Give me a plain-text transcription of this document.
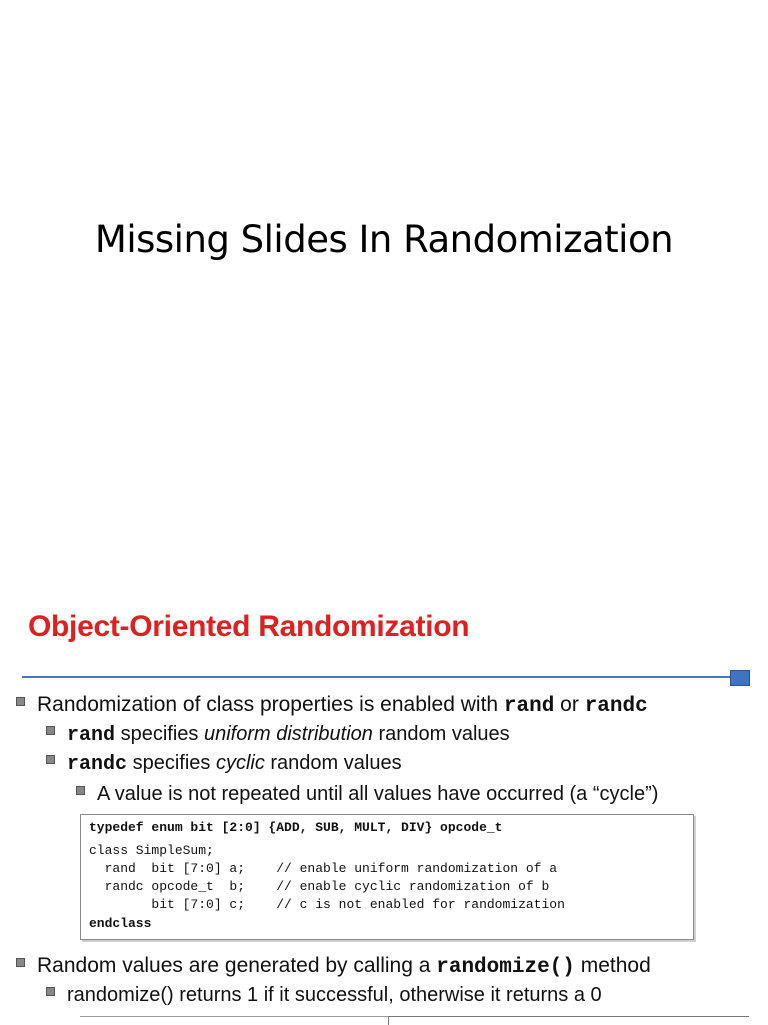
Missing Slides In Randomization
Object-Oriented Randomization
Randomization of class properties is enabled with rand or randc
rand specifies uniform distribution random values
randc specifies cyclic random values
A value is not repeated until all values have occurred (a “cycle”)
typedef enum bit [2:0] {ADD, SUB, MULT, DIV} opcode_t
class SimpleSum;
rand  bit [7:0] a;    // enable uniform randomization of a
randc opcode_t  b;    // enable cyclic randomization of b
bit [7:0] c;    // c is not enabled for randomization
endclass
Random values are generated by calling a randomize() method
randomize() returns 1 if it successful, otherwise it returns a 0
